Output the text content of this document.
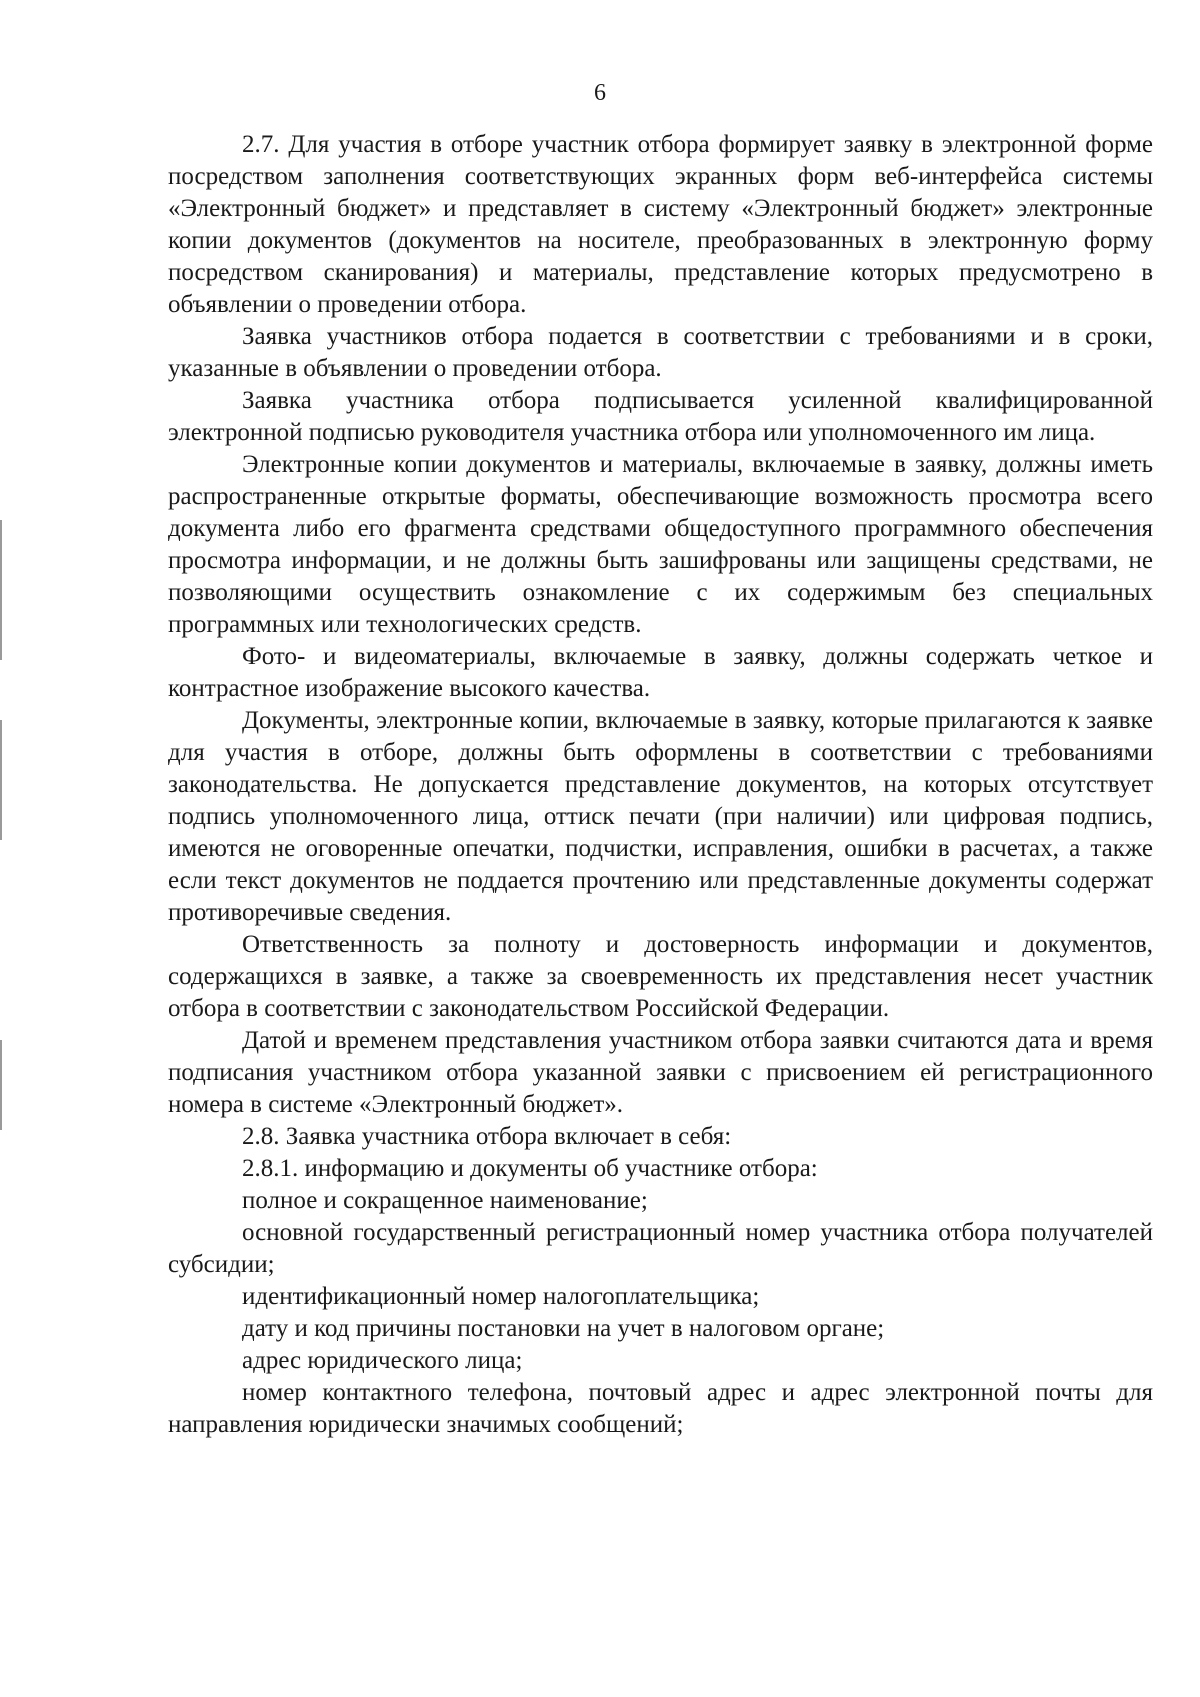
6

2.7. Для участия в отборе участник отбора формирует заявку в электронной форме посредством заполнения соответствующих экранных форм веб-интерфейса системы «Электронный бюджет» и представляет в систему «Электронный бюджет» электронные копии документов (документов на носителе, преобразованных в электронную форму посредством сканирования) и материалы, представление которых предусмотрено в объявлении о проведении отбора.

Заявка участников отбора подается в соответствии с требованиями и в сроки, указанные в объявлении о проведении отбора.

Заявка участника отбора подписывается усиленной квалифицированной электронной подписью руководителя участника отбора или уполномоченного им лица.

Электронные копии документов и материалы, включаемые в заявку, должны иметь распространенные открытые форматы, обеспечивающие возможность просмотра всего документа либо его фрагмента средствами общедоступного программного обеспечения просмотра информации, и не должны быть зашифрованы или защищены средствами, не позволяющими осуществить ознакомление с их содержимым без специальных программных или технологических средств.

Фото- и видеоматериалы, включаемые в заявку, должны содержать четкое и контрастное изображение высокого качества.

Документы, электронные копии, включаемые в заявку, которые прилагаются к заявке для участия в отборе, должны быть оформлены в соответствии с требованиями законодательства. Не допускается представление документов, на которых отсутствует подпись уполномоченного лица, оттиск печати (при наличии) или цифровая подпись, имеются не оговоренные опечатки, подчистки, исправления, ошибки в расчетах, а также если текст документов не поддается прочтению или представленные документы содержат противоречивые сведения.

Ответственность за полноту и достоверность информации и документов, содержащихся в заявке, а также за своевременность их представления несет участник отбора в соответствии с законодательством Российской Федерации.

Датой и временем представления участником отбора заявки считаются дата и время подписания участником отбора указанной заявки с присвоением ей регистрационного номера в системе «Электронный бюджет».

2.8. Заявка участника отбора включает в себя:

2.8.1. информацию и документы об участнике отбора:

полное и сокращенное наименование;

основной государственный регистрационный номер участника отбора получателей субсидии;

идентификационный номер налогоплательщика;

дату и код причины постановки на учет в налоговом органе;

адрес юридического лица;

номер контактного телефона, почтовый адрес и адрес электронной почты для направления юридически значимых сообщений;
